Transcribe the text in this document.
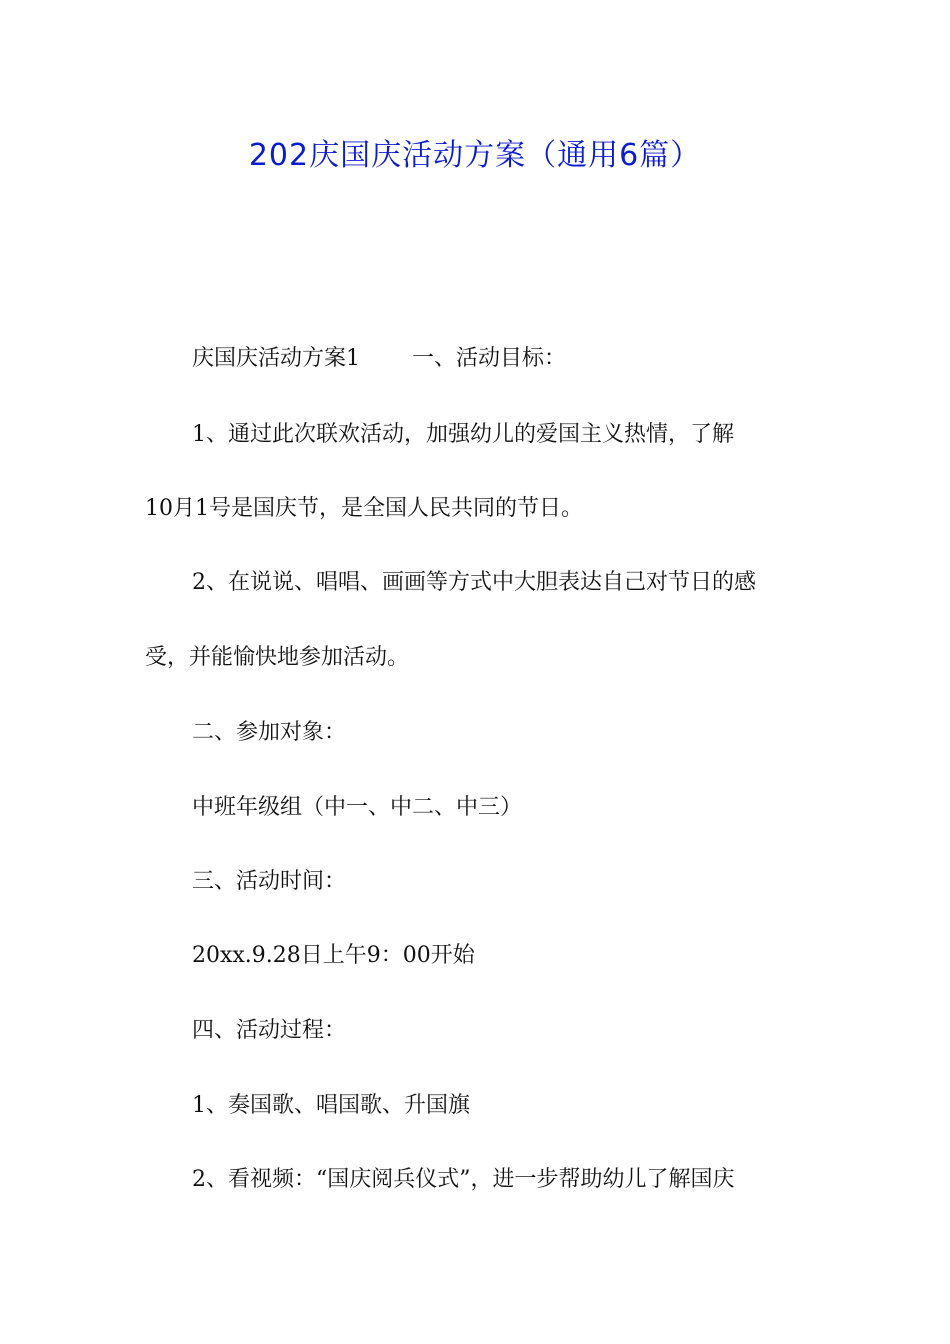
202庆国庆活动方案（通用6篇）
庆国庆活动方案1 一、活动目标：
1、通过此次联欢活动，加强幼儿的爱国主义热情，了解
10月1号是国庆节，是全国人民共同的节日。
2、在说说、唱唱、画画等方式中大胆表达自己对节日的感
受，并能愉快地参加活动。
二、参加对象：
中班年级组（中一、中二、中三）
三、活动时间：
20xx.9.28日上午9：00开始
四、活动过程：
1、奏国歌、唱国歌、升国旗
2、看视频：“国庆阅兵仪式”，进一步帮助幼儿了解国庆
